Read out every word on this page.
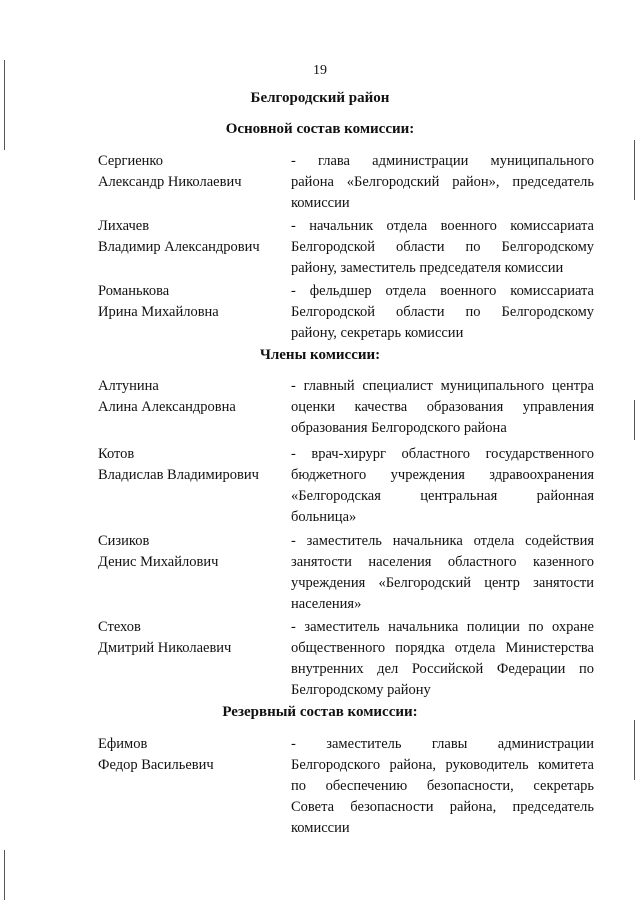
19
Белгородский район
Основной состав комиссии:
Сергиенко
Александр Николаевич
- глава администрации муниципального
района «Белгородский район», председатель
комиссии
Лихачев
Владимир Александрович
- начальник отдела военного комиссариата
Белгородской области по Белгородскому
району, заместитель председателя комиссии
Романькова
Ирина Михайловна
- фельдшер отдела военного комиссариата
Белгородской области по Белгородскому
району, секретарь комиссии
Члены комиссии:
Алтунина
Алина Александровна
- главный специалист муниципального центра
оценки качества образования управления
образования Белгородского района
Котов
Владислав Владимирович
- врач-хирург областного государственного
бюджетного учреждения здравоохранения
«Белгородская центральная районная
больница»
Сизиков
Денис Михайлович
- заместитель начальника отдела содействия
занятости населения областного казенного
учреждения «Белгородский центр занятости
населения»
Стехов
Дмитрий Николаевич
- заместитель начальника полиции по охране
общественного порядка отдела Министерства
внутренних дел Российской Федерации по
Белгородскому району
Резервный состав комиссии:
Ефимов
Федор Васильевич
- заместитель главы администрации
Белгородского района, руководитель комитета
по обеспечению безопасности, секретарь
Совета безопасности района, председатель
комиссии
